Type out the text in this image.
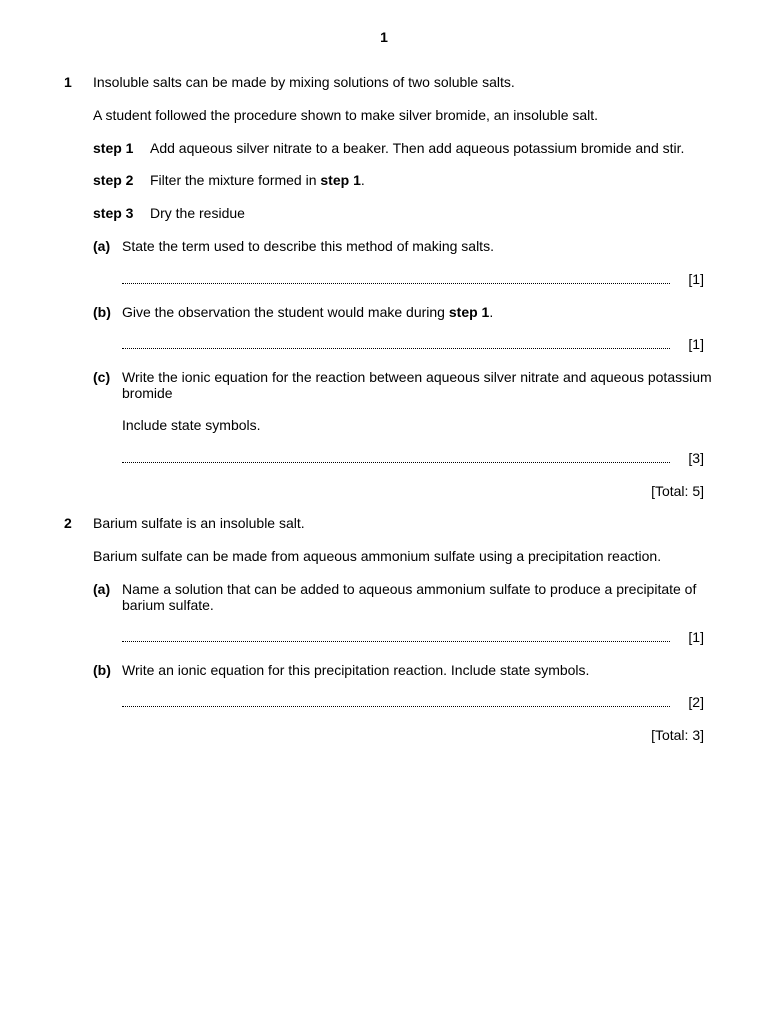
1
1 Insoluble salts can be made by mixing solutions of two soluble salts.
A student followed the procedure shown to make silver bromide, an insoluble salt.
step 1 Add aqueous silver nitrate to a beaker. Then add aqueous potassium bromide and stir.
step 2 Filter the mixture formed in step 1.
step 3 Dry the residue
(a) State the term used to describe this method of making salts.
[1]
(b) Give the observation the student would make during step 1.
[1]
(c) Write the ionic equation for the reaction between aqueous silver nitrate and aqueous potassium bromide
Include state symbols.
[3]
[Total: 5]
2 Barium sulfate is an insoluble salt.
Barium sulfate can be made from aqueous ammonium sulfate using a precipitation reaction.
(a) Name a solution that can be added to aqueous ammonium sulfate to produce a precipitate of barium sulfate.
[1]
(b) Write an ionic equation for this precipitation reaction. Include state symbols.
[2]
[Total: 3]
